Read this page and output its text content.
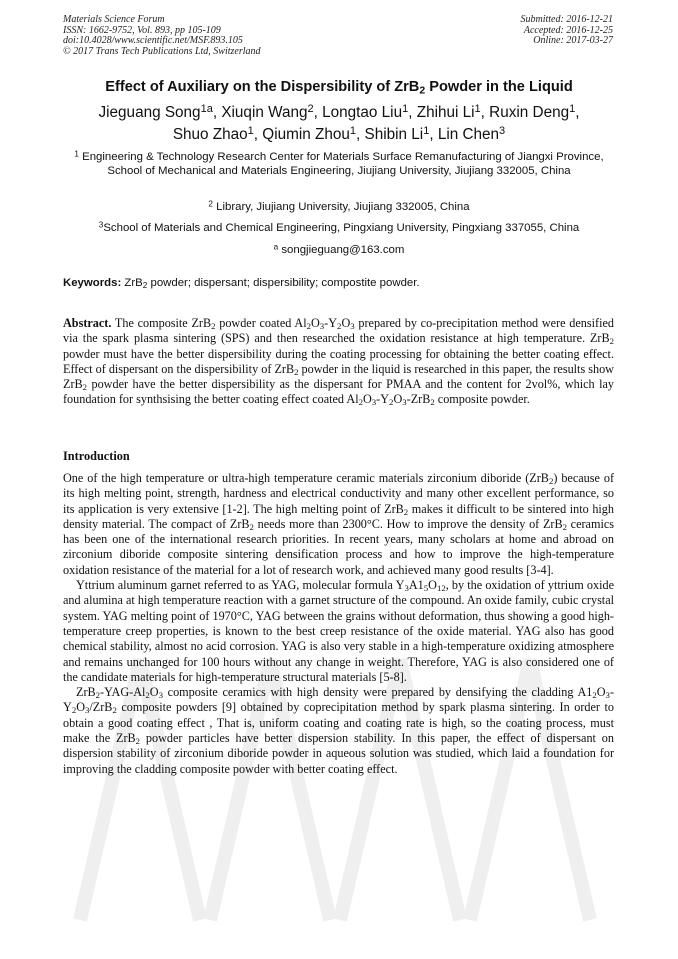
Materials Science Forum
ISSN: 1662-9752, Vol. 893, pp 105-109
doi:10.4028/www.scientific.net/MSF.893.105
© 2017 Trans Tech Publications Ltd, Switzerland
Submitted: 2016-12-21
Accepted: 2016-12-25
Online: 2017-03-27
Effect of Auxiliary on the Dispersibility of ZrB$_2$ Powder in the Liquid
Jieguang Song$^{1a}$, Xiuqin Wang$^2$, Longtao Liu$^1$, Zhihui Li$^1$, Ruxin Deng$^1$,
Shuo Zhao$^1$, Qiumin Zhou$^1$, Shibin Li$^1$, Lin Chen$^3$
$^1$ Engineering & Technology Research Center for Materials Surface Remanufacturing of Jiangxi Province, School of Mechanical and Materials Engineering, Jiujiang University, Jiujiang 332005, China
$^2$ Library, Jiujiang University, Jiujiang 332005, China
$^3$School of Materials and Chemical Engineering, Pingxiang University, Pingxiang 337055, China
$^a$ songjieguang@163.com
Keywords: ZrB$_2$ powder; dispersant; dispersibility; compostite powder.

Abstract. The composite ZrB$_2$ powder coated $Al_2O_3-Y_2O_3$ prepared by co-precipitation method were densified via the spark plasma sintering (SPS) and then researched the oxidation resistance at high temperature. ZrB$_2$ powder must have the better dispersibility during the coating processing for obtaining the better coating effect. Effect of dispersant on the dispersibility of ZrB$_2$ powder in the liquid is researched in this paper, the results show ZrB$_2$ powder have the better dispersibility as the dispersant for PMAA and the content for 2vol%, which lay foundation for synthsising the better coating effect coated $Al_2O_3-Y_2O_3-ZrB_2$ composite powder.

Introduction

One of the high temperature or ultra-high temperature ceramic materials zirconium diboride (ZrB$_2$) because of its high melting point, strength, hardness and electrical conductivity and many other excellent performance, so its application is very extensive [1-2]. The high melting point of ZrB$_2$ makes it difficult to be sintered into high density material. The compact of ZrB$_2$ needs more than 2300°C. How to improve the density of ZrB$_2$ ceramics has been one of the international research priorities. In recent years, many scholars at home and abroad on zirconium diboride composite sintering densification process and how to improve the high-temperature oxidation resistance of the material for a lot of research work, and achieved many good results [3-4].

Yttrium aluminum garnet referred to as YAG, molecular formula $Y_3A1_5O_{12}$, by the oxidation of yttrium oxide and alumina at high temperature reaction with a garnet structure of the compound. An oxide family, cubic crystal system. YAG melting point of 1970°C, YAG between the grains without deformation, thus showing a good high-temperature creep properties, is known to the best creep resistance of the oxide material. YAG also has good chemical stability, almost no acid corrosion. YAG is also very stable in a high-temperature oxidizing atmosphere and remains unchanged for 100 hours without any change in weight. Therefore, YAG is also considered one of the candidate materials for high-temperature structural materials [5-8].

$ZrB_2-YAG-Al_2O_3$ composite ceramics with high density were prepared by densifying the cladding $A1_2O_3-Y_2O_3/ZrB_2$ composite powders [9] obtained by coprecipitation method by spark plasma sintering. In order to obtain a good coating effect , That is, uniform coating and coating rate is high, so the coating process, must make the ZrB$_2$ powder particles have better dispersion stability. In this paper, the effect of dispersant on dispersion stability of zirconium diboride powder in aqueous solution was studied, which laid a foundation for improving the cladding composite powder with better coating effect.
